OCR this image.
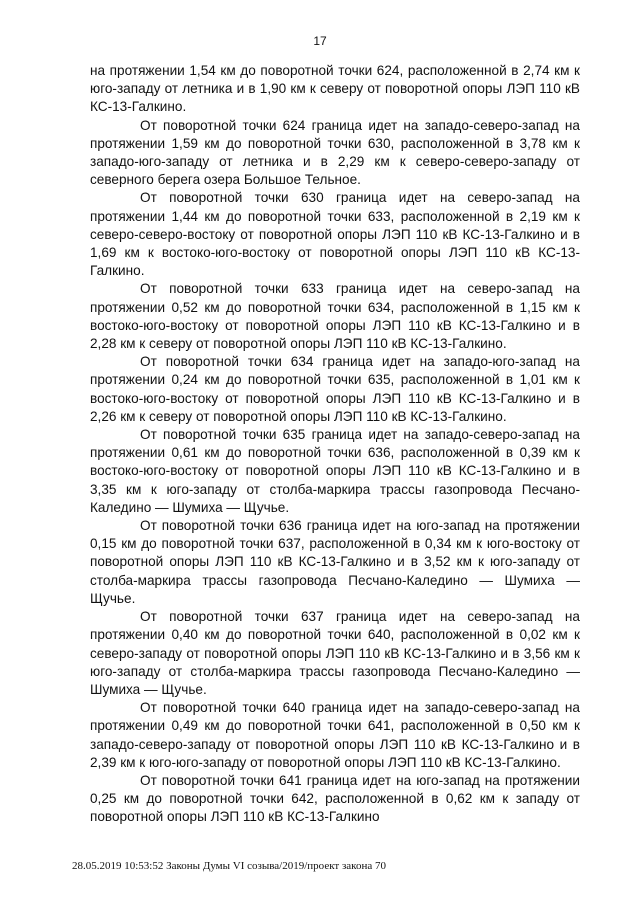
17

на протяжении 1,54 км до поворотной точки 624, расположенной в 2,74 км к юго-западу от летника и в 1,90 км к северу от поворотной опоры ЛЭП 110 кВ КС-13-Галкино.

От поворотной точки 624 граница идет на западо-северо-запад на протяжении 1,59 км до поворотной точки 630, расположенной в 3,78 км к западо-юго-западу от летника и в 2,29 км к северо-северо-западу от северного берега озера Большое Тельное.

От поворотной точки 630 граница идет на северо-запад на протяжении 1,44 км до поворотной точки 633, расположенной в 2,19 км к северо-северо-востоку от поворотной опоры ЛЭП 110 кВ КС-13-Галкино и в 1,69 км к востоко-юго-востоку от поворотной опоры ЛЭП 110 кВ КС-13-Галкино.

От поворотной точки 633 граница идет на северо-запад на протяжении 0,52 км до поворотной точки 634, расположенной в 1,15 км к востоко-юго-востоку от поворотной опоры ЛЭП 110 кВ КС-13-Галкино и в 2,28 км к северу от поворотной опоры ЛЭП 110 кВ КС-13-Галкино.

От поворотной точки 634 граница идет на западо-юго-запад на протяжении 0,24 км до поворотной точки 635, расположенной в 1,01 км к востоко-юго-востоку от поворотной опоры ЛЭП 110 кВ КС-13-Галкино и в 2,26 км к северу от поворотной опоры ЛЭП 110 кВ КС-13-Галкино.

От поворотной точки 635 граница идет на западо-северо-запад на протяжении 0,61 км до поворотной точки 636, расположенной в 0,39 км к востоко-юго-востоку от поворотной опоры ЛЭП 110 кВ КС-13-Галкино и в 3,35 км к юго-западу от столба-маркира трассы газопровода Песчано-Каледино — Шумиха — Щучье.

От поворотной точки 636 граница идет на юго-запад на протяжении 0,15 км до поворотной точки 637, расположенной в 0,34 км к юго-востоку от поворотной опоры ЛЭП 110 кВ КС-13-Галкино и в 3,52 км к юго-западу от столба-маркира трассы газопровода Песчано-Каледино — Шумиха — Щучье.

От поворотной точки 637 граница идет на северо-запад на протяжении 0,40 км до поворотной точки 640, расположенной в 0,02 км к северо-западу от поворотной опоры ЛЭП 110 кВ КС-13-Галкино и в 3,56 км к юго-западу от столба-маркира трассы газопровода Песчано-Каледино — Шумиха — Щучье.

От поворотной точки 640 граница идет на западо-северо-запад на протяжении 0,49 км до поворотной точки 641, расположенной в 0,50 км к западо-северо-западу от поворотной опоры ЛЭП 110 кВ КС-13-Галкино и в 2,39 км к юго-юго-западу от поворотной опоры ЛЭП 110 кВ КС-13-Галкино.

От поворотной точки 641 граница идет на юго-запад на протяжении 0,25 км до поворотной точки 642, расположенной в 0,62 км к западу от поворотной опоры ЛЭП 110 кВ КС-13-Галкино

28.05.2019 10:53:52 Законы Думы VI созыва/2019/проект закона 70
